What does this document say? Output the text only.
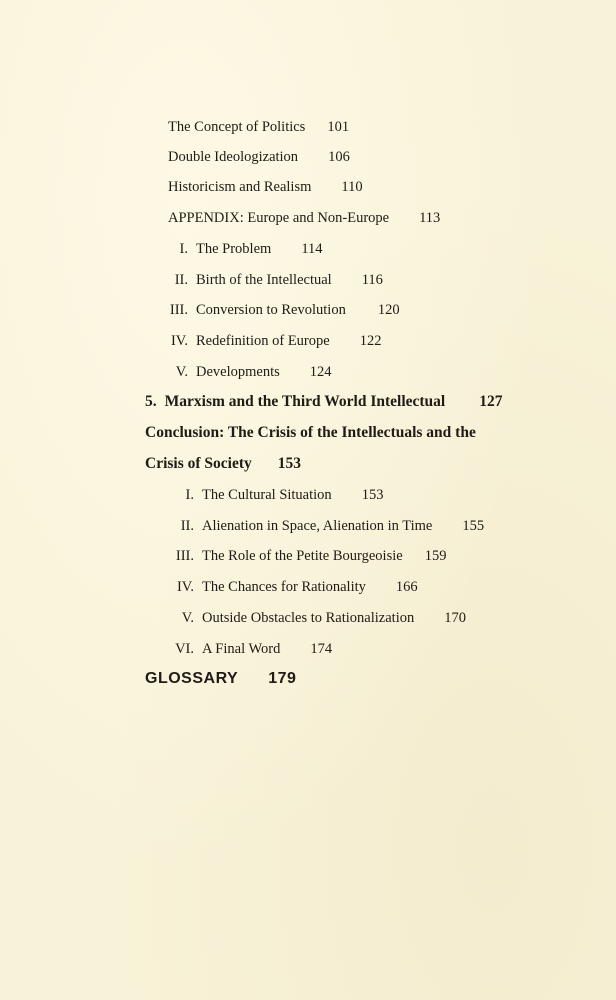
The Concept of Politics 101
Double Ideologization 106
Historicism and Realism 110
APPENDIX: Europe and Non-Europe 113
I. The Problem 114
II. Birth of the Intellectual 116
III. Conversion to Revolution 120
IV. Redefinition of Europe 122
V. Developments 124
5. Marxism and the Third World Intellectual 127
Conclusion: The Crisis of the Intellectuals and the
Crisis of Society 153
I. The Cultural Situation 153
II. Alienation in Space, Alienation in Time 155
III. The Role of the Petite Bourgeoisie 159
IV. The Chances for Rationality 166
V. Outside Obstacles to Rationalization 170
VI. A Final Word 174
GLOSSARY 179
